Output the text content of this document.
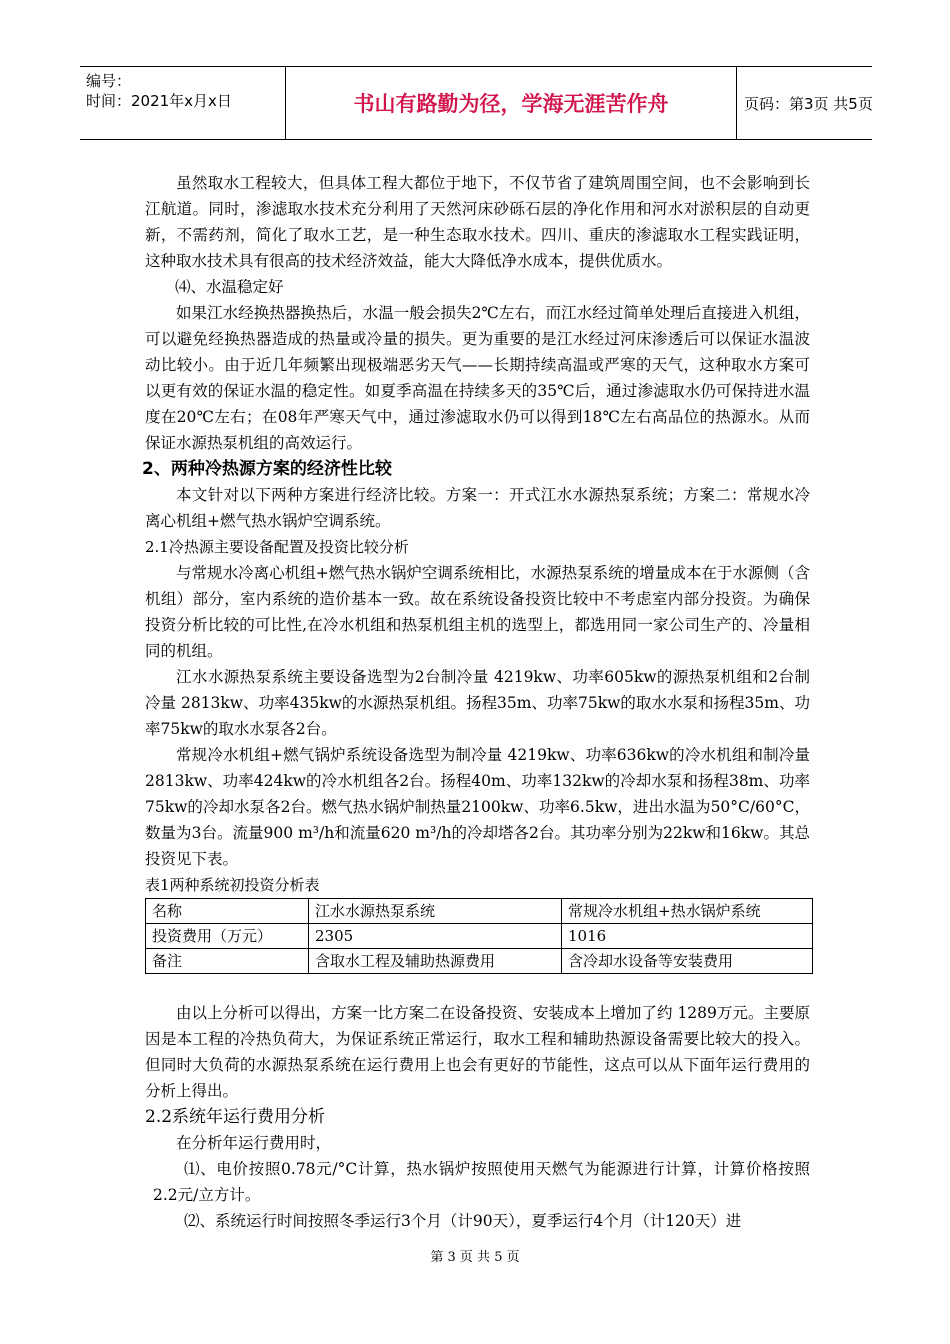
编号：
时间：2021年x月x日	书山有路勤为径，学海无涯苦作舟	页码：第3页 共5页

虽然取水工程较大，但具体工程大都位于地下，不仅节省了建筑周围空间，也不会影响到长江航道。同时，渗滤取水技术充分利用了天然河床砂砾石层的净化作用和河水对淤积层的自动更新，不需药剂，简化了取水工艺，是一种生态取水技术。四川、重庆的渗滤取水工程实践证明，这种取水技术具有很高的技术经济效益，能大大降低净水成本，提供优质水。

⑷、水温稳定好

如果江水经换热器换热后，水温一般会损失2℃左右，而江水经过简单处理后直接进入机组，可以避免经换热器造成的热量或冷量的损失。更为重要的是江水经过河床渗透后可以保证水温波动比较小。由于近几年频繁出现极端恶劣天气——长期持续高温或严寒的天气，这种取水方案可以更有效的保证水温的稳定性。如夏季高温在持续多天的35℃后，通过渗滤取水仍可保持进水温度在20℃左右；在08年严寒天气中，通过渗滤取水仍可以得到18℃左右高品位的热源水。从而保证水源热泵机组的高效运行。

2、两种冷热源方案的经济性比较

本文针对以下两种方案进行经济比较。方案一：开式江水水源热泵系统；方案二：常规水冷离心机组+燃气热水锅炉空调系统。

2.1冷热源主要设备配置及投资比较分析

与常规水冷离心机组+燃气热水锅炉空调系统相比，水源热泵系统的增量成本在于水源侧（含机组）部分，室内系统的造价基本一致。故在系统设备投资比较中不考虑室内部分投资。为确保投资分析比较的可比性,在冷水机组和热泵机组主机的选型上，都选用同一家公司生产的、冷量相同的机组。

江水水源热泵系统主要设备选型为2台制冷量 4219kw、功率605kw的源热泵机组和2台制冷量 2813kw、功率435kw的水源热泵机组。扬程35m、功率75kw的取水水泵和扬程35m、功率75kw的取水水泵各2台。

常规冷水机组+燃气锅炉系统设备选型为制冷量 4219kw、功率636kw的冷水机组和制冷量 2813kw、功率424kw的冷水机组各2台。扬程40m、功率132kw的冷却水泵和扬程38m、功率75kw的冷却水泵各2台。燃气热水锅炉制热量2100kw、功率6.5kw，进出水温为50°C/60°C，数量为3台。流量900 m³/h和流量620 m³/h的冷却塔各2台。其功率分别为22kw和16kw。其总投资见下表。

表1两种系统初投资分析表

名称	江水水源热泵系统	常规冷水机组+热水锅炉系统
投资费用（万元）	2305	1016
备注	含取水工程及辅助热源费用	含冷却水设备等安装费用

由以上分析可以得出，方案一比方案二在设备投资、安装成本上增加了约 1289万元。主要原因是本工程的冷热负荷大，为保证系统正常运行，取水工程和辅助热源设备需要比较大的投入。但同时大负荷的水源热泵系统在运行费用上也会有更好的节能性，这点可以从下面年运行费用的分析上得出。

2.2系统年运行费用分析

在分析年运行费用时，

⑴、电价按照0.78元/°C计算，热水锅炉按照使用天燃气为能源进行计算，计算价格按照2.2元/立方计。

⑵、系统运行时间按照冬季运行3个月（计90天），夏季运行4个月（计120天）进

第 3 页 共 5 页
